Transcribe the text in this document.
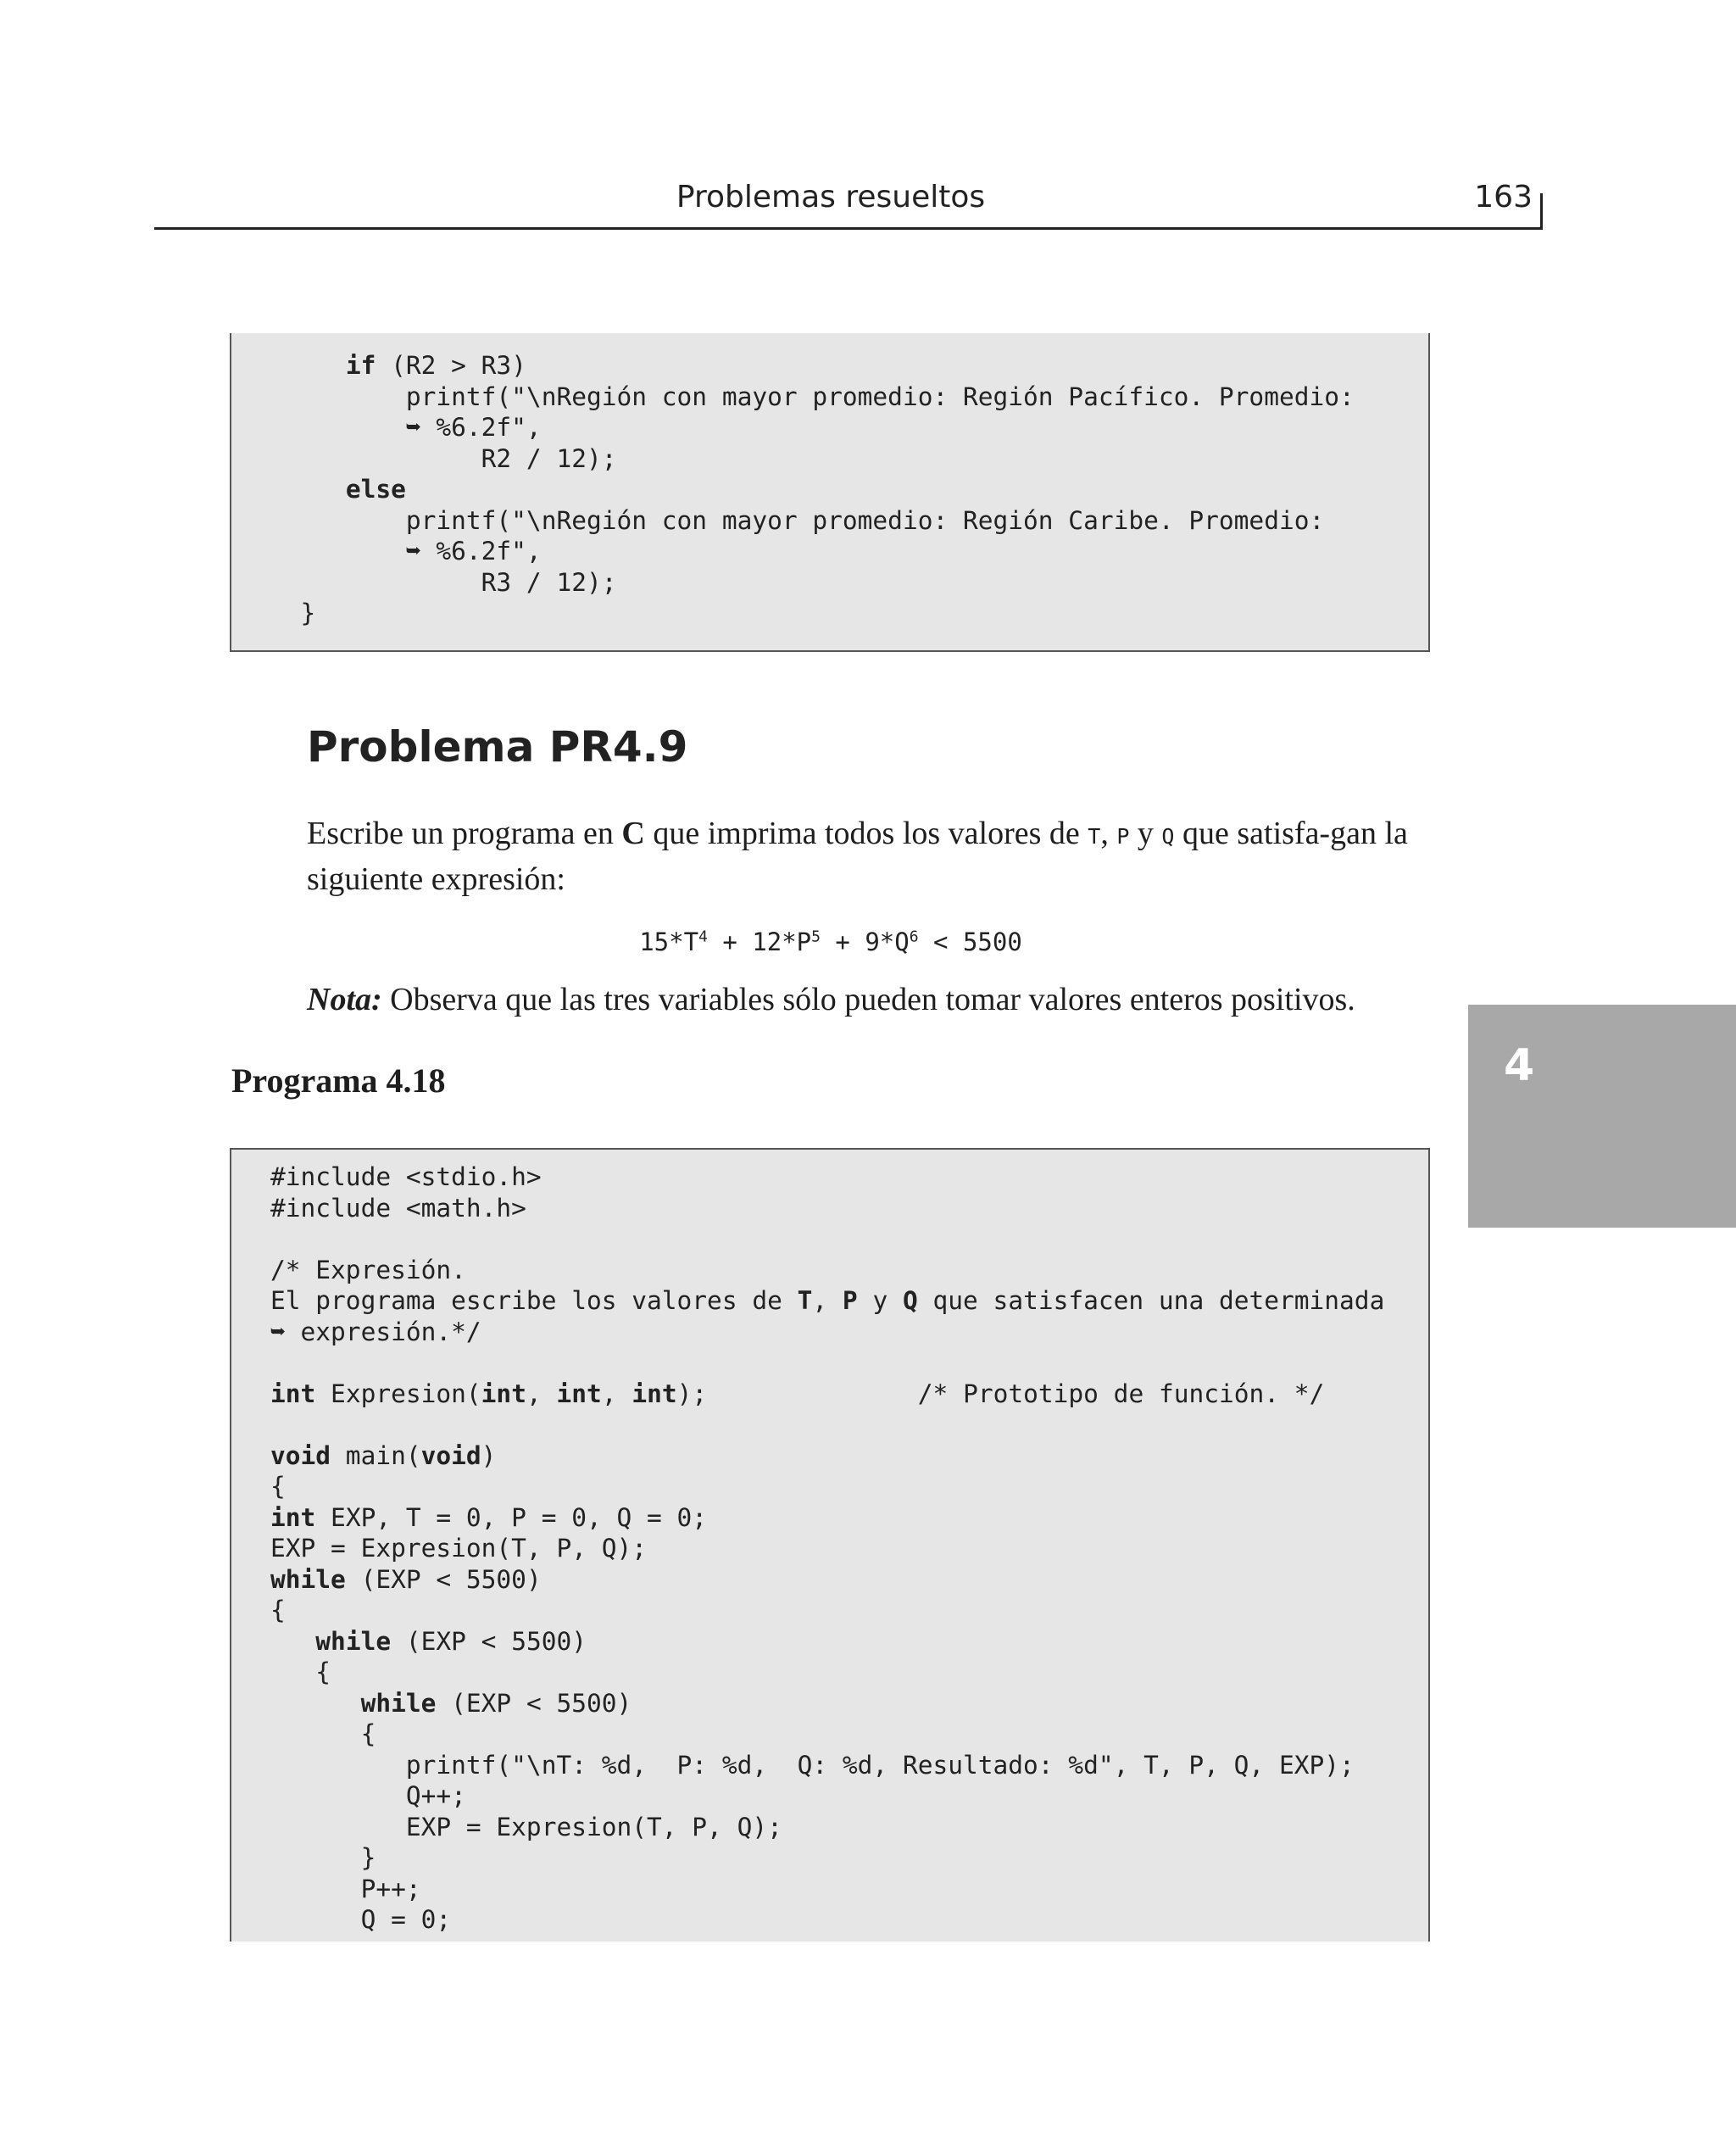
Problemas resueltos	163
if (R2 > R3)
printf("\nRegión con mayor promedio: Región Pacífico. Promedio:
➥ %6.2f",
R2 / 12);
else
printf("\nRegión con mayor promedio: Región Caribe. Promedio:
➥ %6.2f",
R3 / 12);
}
Problema PR4.9
Escribe un programa en C que imprima todos los valores de T, P y Q que satisfa-gan la siguiente expresión:
$15*T^4 + 12*P^5 + 9*Q^6 < 5500$
Nota: Observa que las tres variables sólo pueden tomar valores enteros positivos.
Programa 4.18
#include <stdio.h>
#include <math.h>
/* Expresión.
El programa escribe los valores de T, P y Q que satisfacen una determinada
➥ expresión.*/
int Expresion(int, int, int);              /* Prototipo de función. */
void main(void)
{
int EXP, T = 0, P = 0, Q = 0;
EXP = Expresion(T, P, Q);
while (EXP < 5500)
{
while (EXP < 5500)
{
while (EXP < 5500)
{
printf("\nT: %d,  P: %d,  Q: %d, Resultado: %d", T, P, Q, EXP);
Q++;
EXP = Expresion(T, P, Q);
}
P++;
Q = 0;
4
